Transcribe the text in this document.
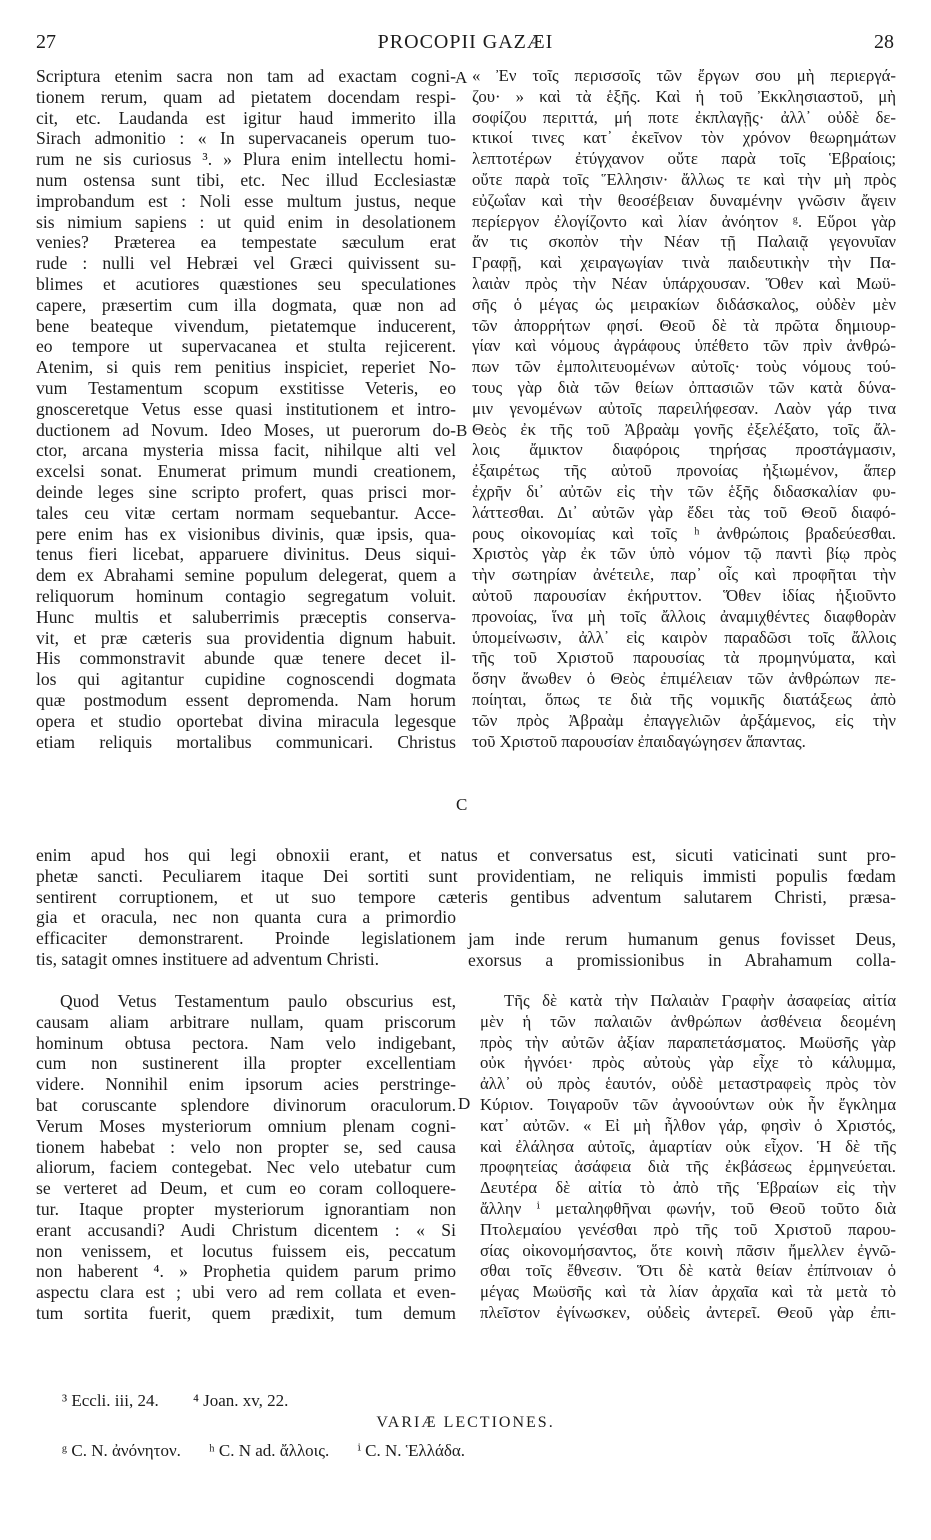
27	PROCOPII GAZÆI	28
Scriptura etenim sacra non tam ad exactam cogni-
tionem rerum, quam ad pietatem docendam respi-
cit, etc. Laudanda est igitur haud immerito illa
Sirach admonitio : « In supervacaneis operum tuo-
rum ne sis curiosus ³. » Plura enim intellectu homi-
num ostensa sunt tibi, etc. Nec illud Ecclesiastæ
improbandum est : Noli esse multum justus, neque
sis nimium sapiens : ut quid enim in desolationem
venies? Præterea ea tempestate sæculum erat
rude : nulli vel Hebræi vel Græci quivissent su-
blimes et acutiores quæstiones seu speculationes
capere, præsertim cum illa dogmata, quæ non ad
bene beateque vivendum, pietatemque inducerent,
eo tempore ut supervacanea et stulta rejicerent.
Atenim, si quis rem penitius inspiciet, reperiet No-
vum Testamentum scopum exstitisse Veteris, eo
gnosceretque Vetus esse quasi institutionem et intro-
ductionem ad Novum. Ideo Moses, ut puerorum do-
ctor, arcana mysteria missa facit, nihilque alti vel
excelsi sonat. Enumerat primum mundi creationem,
deinde leges sine scripto profert, quas prisci mor-
tales ceu vitæ certam normam sequebantur. Acce-
pere enim has ex visionibus divinis, quæ ipsis, qua-
tenus fieri licebat, apparuere divinitus. Deus siqui-
dem ex Abrahami semine populum delegerat, quem a
reliquorum hominum contagio segregatum voluit.
Hunc multis et saluberrimis præceptis conserva-
vit, et præ cæteris sua providentia dignum habuit.
His commonstravit abunde quæ tenere decet il-
los qui agitantur cupidine cognoscendi dogmata
quæ postmodum essent depromenda. Nam horum
opera et studio oportebat divina miracula legesque
etiam reliquis mortalibus communicari. Christus
« Ἐν τοῖς περισσοῖς τῶν ἔργων σου μὴ περιεργά-
ζου· » καὶ τὰ ἑξῆς. Καὶ ἡ τοῦ Ἐκκλησιαστοῦ, μὴ
σοφίζου περιττά, μή ποτε ἐκπλαγῇς· ἀλλ᾽ οὐδὲ δε-
κτικοί τινες κατ᾽ ἐκεῖνον τὸν χρόνον θεωρημάτων
λεπτοτέρων ἐτύγχανον οὔτε παρὰ τοῖς Ἑβραίοις;
οὔτε παρὰ τοῖς Ἕλλησιν· ἄλλως τε καὶ τὴν μὴ πρὸς
εὐζωΐαν καὶ τὴν θεοσέβειαν δυναμένην γνῶσιν ἄγειν
περίεργον ἐλογίζοντο καὶ λίαν ἀνόητον ᵍ. Εὕροι γὰρ
ἄν τις σκοπὸν τὴν Νέαν τῇ Παλαιᾷ γεγονυῖαν
Γραφῇ, καὶ χειραγωγίαν τινὰ παιδευτικὴν τὴν Πα-
λαιὰν πρὸς τὴν Νέαν ὑπάρχουσαν. Ὅθεν καὶ Μωϋ-
σῆς ὁ μέγας ὡς μειρακίων διδάσκαλος, οὐδὲν μὲν
τῶν ἀπορρήτων φησί. Θεοῦ δὲ τὰ πρῶτα δημιουρ-
γίαν καὶ νόμους ἀγράφους ὑπέθετο τῶν πρὶν ἀνθρώ-
πων τῶν ἐμπολιτευομένων αὐτοῖς· τοὺς νόμους τού-
τους γὰρ διὰ τῶν θείων ὀπτασιῶν τῶν κατὰ δύνα-
μιν γενομένων αὐτοῖς παρειλήφεσαν. Λαὸν γάρ τινα
Θεὸς ἐκ τῆς τοῦ Ἀβραὰμ γονῆς ἐξελέξατο, τοῖς ἄλ-
λοις ἄμικτον διαφόροις τηρήσας προστάγμασιν,
ἐξαιρέτως τῆς αὐτοῦ προνοίας ἠξιωμένον, ἅπερ
ἐχρῆν δι᾽ αὐτῶν εἰς τὴν τῶν ἑξῆς διδασκαλίαν φυ-
λάττεσθαι. Δι᾽ αὐτῶν γὰρ ἔδει τὰς τοῦ Θεοῦ διαφό-
ρους οἰκονομίας καὶ τοῖς ʰ ἀνθρώποις βραδεύεσθαι.
Χριστὸς γὰρ ἐκ τῶν ὑπὸ νόμον τῷ παντὶ βίῳ πρὸς
τὴν σωτηρίαν ἀνέτειλε, παρ᾽ οἷς καὶ προφῆται τὴν
αὐτοῦ παρουσίαν ἐκήρυττον. Ὅθεν ἰδίας ἠξιοῦντο
προνοίας, ἵνα μὴ τοῖς ἄλλοις ἀναμιχθέντες διαφθορὰν
ὑπομείνωσιν, ἀλλ᾽ εἰς καιρὸν παραδῶσι τοῖς ἄλλοις
τῆς τοῦ Χριστοῦ παρουσίας τὰ προμηνύματα, καὶ
ὅσην ἄνωθεν ὁ Θεὸς ἐπιμέλειαν τῶν ἀνθρώπων πε-
ποίηται, ὅπως τε διὰ τῆς νομικῆς διατάξεως ἀπὸ
τῶν πρὸς Ἀβραὰμ ἐπαγγελιῶν ἀρξάμενος, εἰς τὴν
τοῦ Χριστοῦ παρουσίαν ἐπαιδαγώγησεν ἅπαντας.
enim apud hos qui legi obnoxii erant, et natus et conversatus est, sicuti vaticinati sunt pro-
phetæ sancti. Peculiarem itaque Dei sortiti sunt providentiam, ne reliquis immisti populis fœdam
sentirent corruptionem, et ut suo tempore cæteris gentibus adventum salutarem Christi, præsa-
gia et oracula, nec non quanta cura a primordio
efficaciter demonstrarent. Proinde legislationem
tis, satagit omnes instituere ad adventum Christi.
jam inde rerum humanum genus fovisset Deus,
exorsus a promissionibus in Abrahamum colla-
Quod Vetus Testamentum paulo obscurius est,
causam aliam arbitrare nullam, quam priscorum
hominum obtusa pectora. Nam velo indigebant,
cum non sustinerent illa propter excellentiam
videre. Nonnihil enim ipsorum acies perstringe-
bat coruscante splendore divinorum oraculorum.
Verum Moses mysteriorum omnium plenam cogni-
tionem habebat : velo non propter se, sed causa
aliorum, faciem contegebat. Nec velo utebatur cum
se verteret ad Deum, et cum eo coram colloquere-
tur. Itaque propter mysteriorum ignorantiam non
erant accusandi? Audi Christum dicentem : « Si
non venissem, et locutus fuissem eis, peccatum
non haberent ⁴. » Prophetia quidem parum primo
aspectu clara est ; ubi vero ad rem collata et even-
tum sortita fuerit, quem prædixit, tum demum
Τῆς δὲ κατὰ τὴν Παλαιὰν Γραφὴν ἀσαφείας αἰτία
μὲν ἡ τῶν παλαιῶν ἀνθρώπων ἀσθένεια δεομένη
πρὸς τὴν αὐτῶν ἀξίαν παραπετάσματος. Μωϋσῆς γὰρ
οὐκ ἠγνόει· πρὸς αὐτοὺς γὰρ εἶχε τὸ κάλυμμα,
ἀλλ᾽ οὐ πρὸς ἑαυτόν, οὐδὲ μεταστραφεὶς πρὸς τὸν
Κύριον. Τοιγαροῦν τῶν ἀγνοούντων οὐκ ἦν ἔγκλημα
κατ᾽ αὐτῶν. « Εἰ μὴ ἦλθον γάρ, φησὶν ὁ Χριστός,
καὶ ἐλάλησα αὐτοῖς, ἁμαρτίαν οὐκ εἶχον. Ἡ δὲ τῆς
προφητείας ἀσάφεια διὰ τῆς ἐκβάσεως ἑρμηνεύεται.
Δευτέρα δὲ αἰτία τὸ ἀπὸ τῆς Ἑβραίων εἰς τὴν
ἄλλην ⁱ μεταληφθῆναι φωνήν, τοῦ Θεοῦ τοῦτο διὰ
Πτολεμαίου γενέσθαι πρὸ τῆς τοῦ Χριστοῦ παρου-
σίας οἰκονομήσαντος, ὅτε κοινὴ πᾶσιν ἤμελλεν ἐγνῶ-
σθαι τοῖς ἔθνεσιν. Ὅτι δὲ κατὰ θείαν ἐπίπνοιαν ὁ
μέγας Μωϋσῆς καὶ τὰ λίαν ἀρχαῖα καὶ τὰ μετὰ τὸ
πλεῖστον ἐγίνωσκεν, οὐδεὶς ἀντερεῖ. Θεοῦ γὰρ ἐπι-
A
B
C
D
³ Eccli. iii, 24. ⁴ Joan. xv, 22.
VARIÆ LECTIONES.
ᵍ C. N. ἀνόνητον. ʰ C. N ad. ἄλλοις. ⁱ C. N. Ἑλλάδα.
